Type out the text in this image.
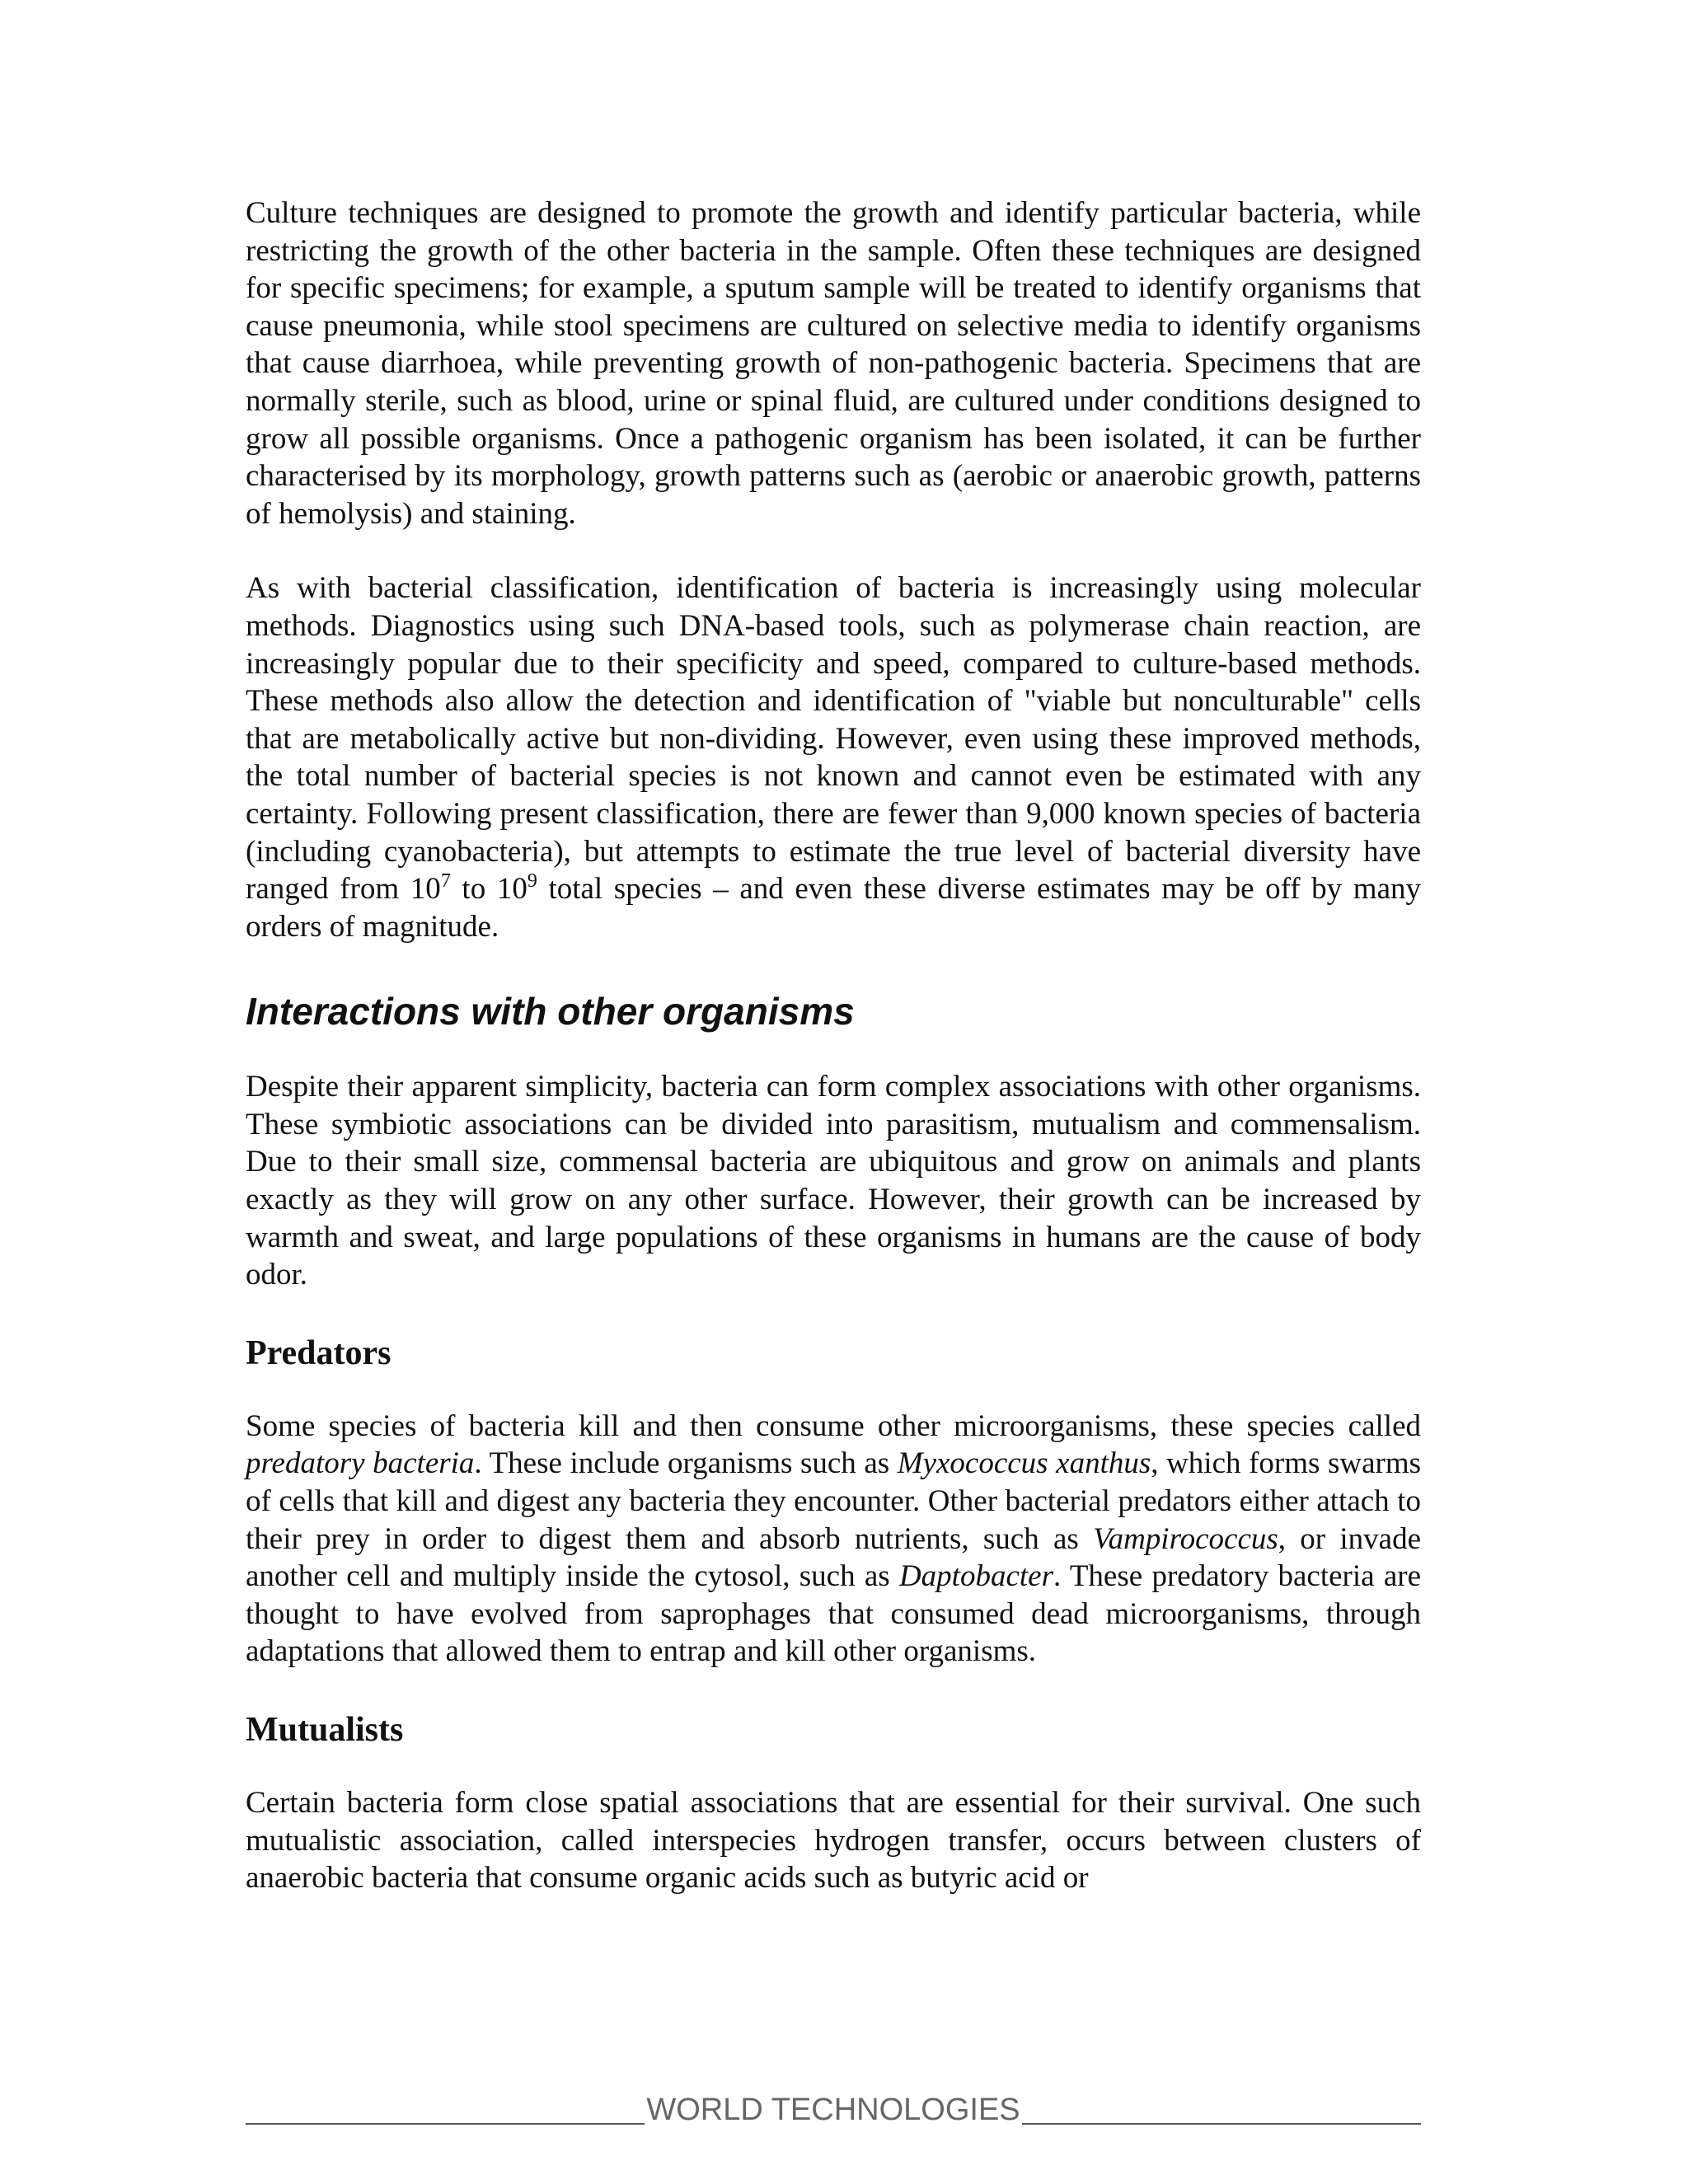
Culture techniques are designed to promote the growth and identify particular bacteria, while restricting the growth of the other bacteria in the sample. Often these techniques are designed for specific specimens; for example, a sputum sample will be treated to identify organisms that cause pneumonia, while stool specimens are cultured on selective media to identify organisms that cause diarrhoea, while preventing growth of non-pathogenic bacteria. Specimens that are normally sterile, such as blood, urine or spinal fluid, are cultured under conditions designed to grow all possible organisms. Once a pathogenic organism has been isolated, it can be further characterised by its morphology, growth patterns such as (aerobic or anaerobic growth, patterns of hemolysis) and staining.

As with bacterial classification, identification of bacteria is increasingly using molecular methods. Diagnostics using such DNA-based tools, such as polymerase chain reaction, are increasingly popular due to their specificity and speed, compared to culture-based methods. These methods also allow the detection and identification of "viable but nonculturable" cells that are metabolically active but non-dividing. However, even using these improved methods, the total number of bacterial species is not known and cannot even be estimated with any certainty. Following present classification, there are fewer than 9,000 known species of bacteria (including cyanobacteria), but attempts to estimate the true level of bacterial diversity have ranged from $10^7$ to $10^9$ total species – and even these diverse estimates may be off by many orders of magnitude.

Interactions with other organisms

Despite their apparent simplicity, bacteria can form complex associations with other organisms. These symbiotic associations can be divided into parasitism, mutualism and commensalism. Due to their small size, commensal bacteria are ubiquitous and grow on animals and plants exactly as they will grow on any other surface. However, their growth can be increased by warmth and sweat, and large populations of these organisms in humans are the cause of body odor.

Predators

Some species of bacteria kill and then consume other microorganisms, these species called predatory bacteria. These include organisms such as Myxococcus xanthus, which forms swarms of cells that kill and digest any bacteria they encounter. Other bacterial predators either attach to their prey in order to digest them and absorb nutrients, such as Vampirococcus, or invade another cell and multiply inside the cytosol, such as Daptobacter. These predatory bacteria are thought to have evolved from saprophages that consumed dead microorganisms, through adaptations that allowed them to entrap and kill other organisms.

Mutualists

Certain bacteria form close spatial associations that are essential for their survival. One such mutualistic association, called interspecies hydrogen transfer, occurs between clusters of anaerobic bacteria that consume organic acids such as butyric acid or

WORLD TECHNOLOGIES
